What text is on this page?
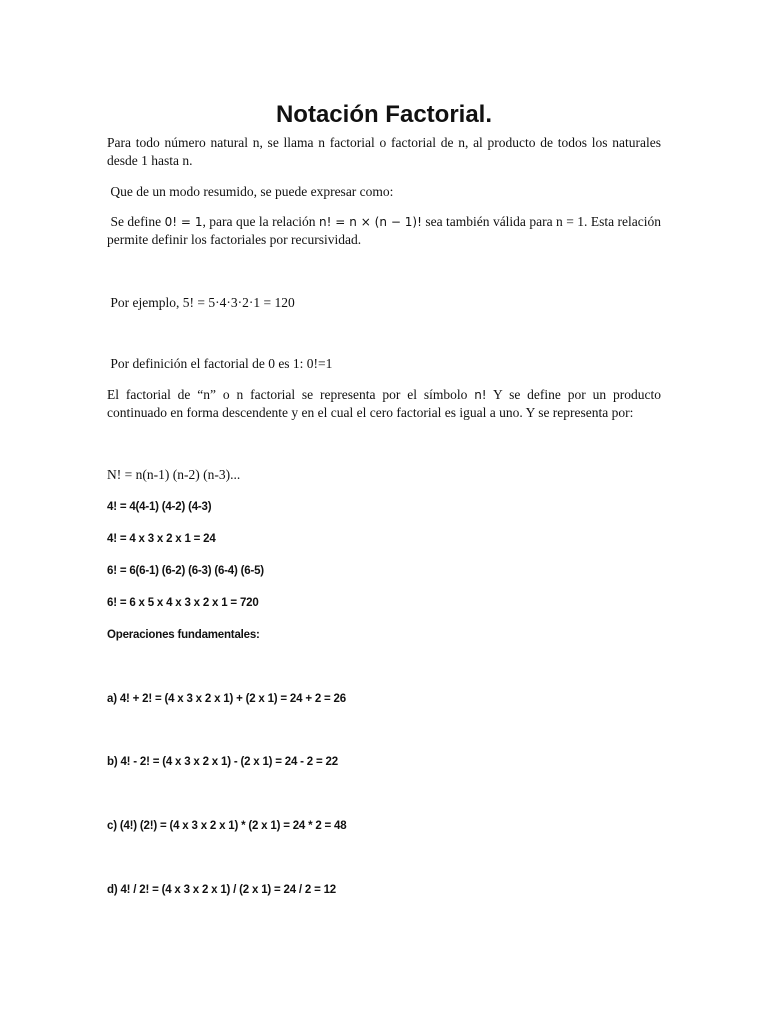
Notación Factorial.
Para todo número natural n, se llama n factorial o factorial de n, al producto de todos los naturales desde 1 hasta n.
Que de un modo resumido, se puede expresar como:
Se define 0! = 1, para que la relación n! = n × (n − 1)! sea también válida para n = 1. Esta relación permite definir los factoriales por recursividad.
Por ejemplo, 5! = 5·4·3·2·1 = 120
Por definición el factorial de 0 es 1: 0!=1
El factorial de “n” o n factorial se representa por el símbolo n! Y se define por un producto continuado en forma descendente y en el cual el cero factorial es igual a uno. Y se representa por:
N! = n(n-1) (n-2) (n-3)...
4! = 4(4-1) (4-2) (4-3)
4! = 4 x 3 x 2 x 1 = 24
6! = 6(6-1) (6-2) (6-3) (6-4) (6-5)
6! = 6 x 5 x 4 x 3 x 2 x 1 = 720
Operaciones fundamentales:
a) 4! + 2! = (4 x 3 x 2 x 1) + (2 x 1) = 24 + 2 = 26
b) 4! - 2! = (4 x 3 x 2 x 1) - (2 x 1) = 24 - 2 = 22
c) (4!) (2!) = (4 x 3 x 2 x 1) * (2 x 1) = 24 * 2 = 48
d) 4! / 2! = (4 x 3 x 2 x 1) / (2 x 1) = 24 / 2 = 12
